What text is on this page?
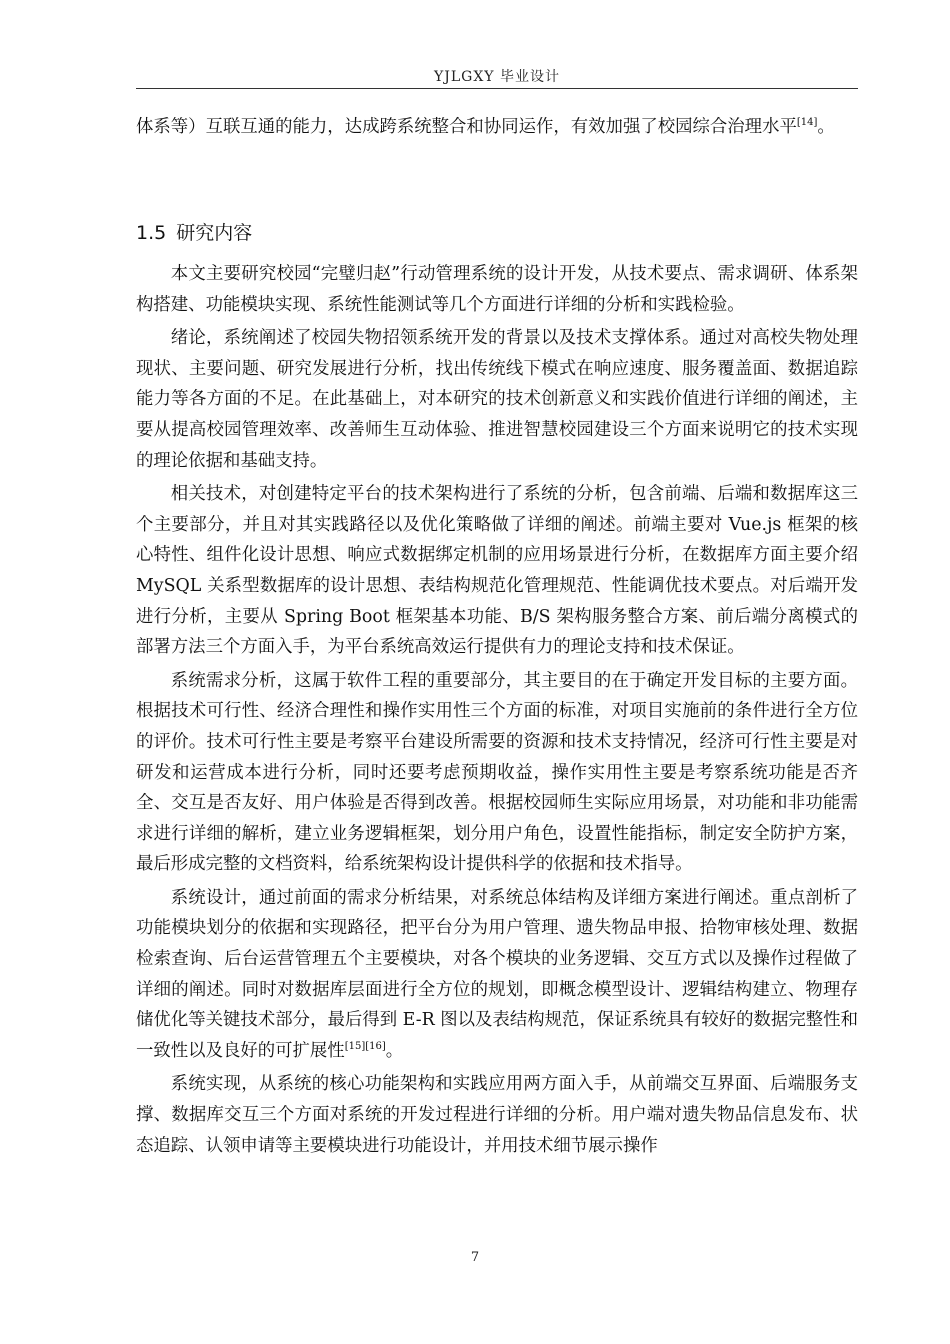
YJLGXY 毕业设计

体系等）互联互通的能力，达成跨系统整合和协同运作，有效加强了校园综合治理水平[14]。

1.5 研究内容

本文主要研究校园“完璧归赵”行动管理系统的设计开发，从技术要点、需求调研、体系架构搭建、功能模块实现、系统性能测试等几个方面进行详细的分析和实践检验。

绪论，系统阐述了校园失物招领系统开发的背景以及技术支撑体系。通过对高校失物处理现状、主要问题、研究发展进行分析，找出传统线下模式在响应速度、服务覆盖面、数据追踪能力等各方面的不足。在此基础上，对本研究的技术创新意义和实践价值进行详细的阐述，主要从提高校园管理效率、改善师生互动体验、推进智慧校园建设三个方面来说明它的技术实现的理论依据和基础支持。

相关技术，对创建特定平台的技术架构进行了系统的分析，包含前端、后端和数据库这三个主要部分，并且对其实践路径以及优化策略做了详细的阐述。前端主要对 Vue.js 框架的核心特性、组件化设计思想、响应式数据绑定机制的应用场景进行分析，在数据库方面主要介绍 MySQL 关系型数据库的设计思想、表结构规范化管理规范、性能调优技术要点。对后端开发进行分析，主要从 Spring Boot 框架基本功能、B/S 架构服务整合方案、前后端分离模式的部署方法三个方面入手，为平台系统高效运行提供有力的理论支持和技术保证。

系统需求分析，这属于软件工程的重要部分，其主要目的在于确定开发目标的主要方面。根据技术可行性、经济合理性和操作实用性三个方面的标准，对项目实施前的条件进行全方位的评价。技术可行性主要是考察平台建设所需要的资源和技术支持情况，经济可行性主要是对研发和运营成本进行分析，同时还要考虑预期收益，操作实用性主要是考察系统功能是否齐全、交互是否友好、用户体验是否得到改善。根据校园师生实际应用场景，对功能和非功能需求进行详细的解析，建立业务逻辑框架，划分用户角色，设置性能指标，制定安全防护方案，最后形成完整的文档资料，给系统架构设计提供科学的依据和技术指导。

系统设计，通过前面的需求分析结果，对系统总体结构及详细方案进行阐述。重点剖析了功能模块划分的依据和实现路径，把平台分为用户管理、遗失物品申报、拾物审核处理、数据检索查询、后台运营管理五个主要模块，对各个模块的业务逻辑、交互方式以及操作过程做了详细的阐述。同时对数据库层面进行全方位的规划，即概念模型设计、逻辑结构建立、物理存储优化等关键技术部分，最后得到 E-R 图以及表结构规范，保证系统具有较好的数据完整性和一致性以及良好的可扩展性[15][16]。

系统实现，从系统的核心功能架构和实践应用两方面入手，从前端交互界面、后端服务支撑、数据库交互三个方面对系统的开发过程进行详细的分析。用户端对遗失物品信息发布、状态追踪、认领申请等主要模块进行功能设计，并用技术细节展示操作

7
